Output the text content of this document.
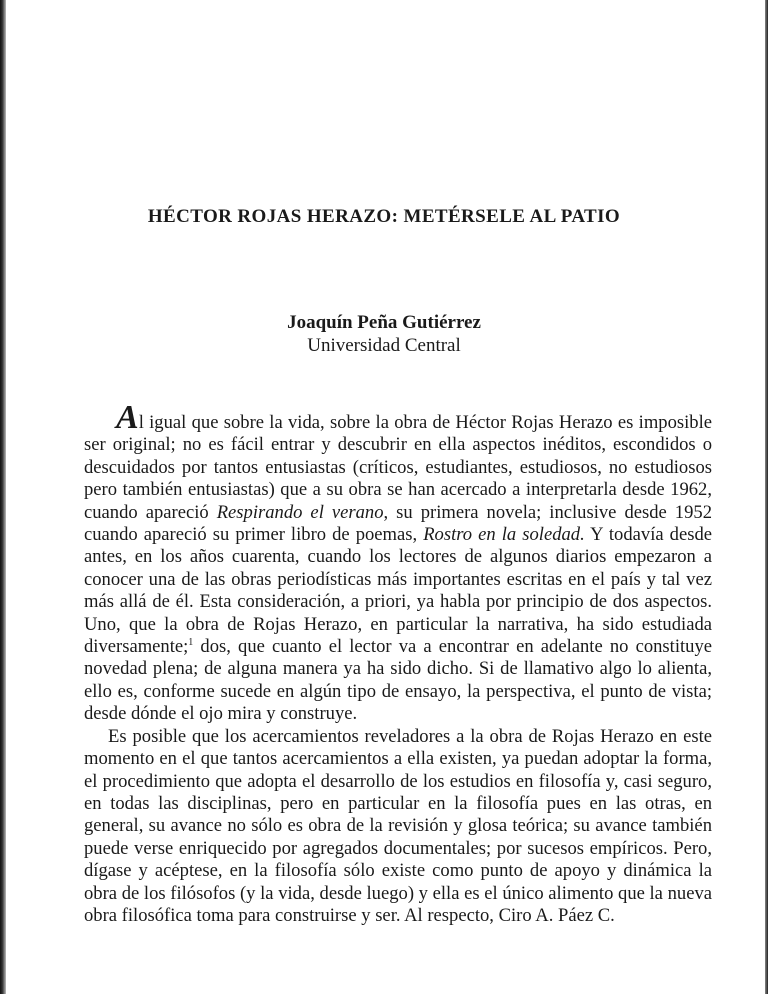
HÉCTOR ROJAS HERAZO: METÉRSELE AL PATIO
Joaquín Peña Gutiérrez
Universidad Central

Al igual que sobre la vida, sobre la obra de Héctor Rojas Herazo es imposible ser original; no es fácil entrar y descubrir en ella aspectos inéditos, escondidos o descuidados por tantos entusiastas (críticos, estudiantes, estudiosos, no estudiosos pero también entusiastas) que a su obra se han acercado a interpretarla desde 1962, cuando apareció Respirando el verano, su primera novela; inclusive desde 1952 cuando apareció su primer libro de poemas, Rostro en la soledad. Y todavía desde antes, en los años cuarenta, cuando los lectores de algunos diarios empezaron a conocer una de las obras periodísticas más importantes escritas en el país y tal vez más allá de él. Esta consideración, a priori, ya habla por principio de dos aspectos. Uno, que la obra de Rojas Herazo, en particular la narrativa, ha sido estudiada diversamente;$^1$ dos, que cuanto el lector va a encontrar en adelante no constituye novedad plena; de alguna manera ya ha sido dicho. Si de llamativo algo lo alienta, ello es, conforme sucede en algún tipo de ensayo, la perspectiva, el punto de vista; desde dónde el ojo mira y construye.

Es posible que los acercamientos reveladores a la obra de Rojas Herazo en este momento en el que tantos acercamientos a ella existen, ya puedan adoptar la forma, el procedimiento que adopta el desarrollo de los estudios en filosofía y, casi seguro, en todas las disciplinas, pero en particular en la filosofía pues en las otras, en general, su avance no sólo es obra de la revisión y glosa teórica; su avance también puede verse enriquecido por agregados documentales; por sucesos empíricos. Pero, dígase y acéptese, en la filosofía sólo existe como punto de apoyo y dinámica la obra de los filósofos (y la vida, desde luego) y ella es el único alimento que la nueva obra filosófica toma para construirse y ser. Al respecto, Ciro A. Páez C.
